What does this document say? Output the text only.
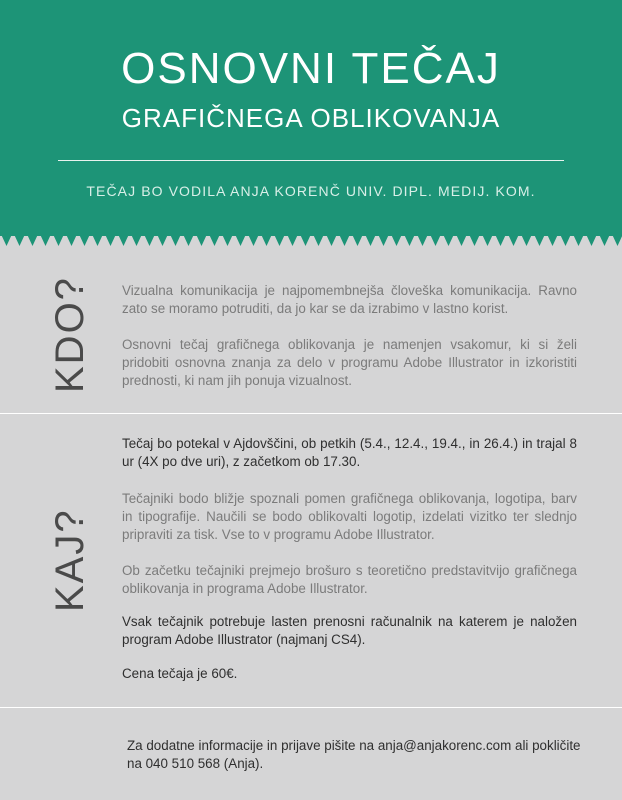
OSNOVNI TEČAJ
GRAFIČNEGA OBLIKOVANJA
TEČAJ BO VODILA ANJA KORENČ UNIV. DIPL. MEDIJ. KOM.
KDO? Vizualna komunikacija je najpomembnejša človeška komunikacija. Ravno zato se moramo potruditi, da jo kar se da izrabimo v lastno korist.

Osnovni tečaj grafičnega oblikovanja je namenjen vsakomur, ki si želi pridobiti osnovna znanja za delo v programu Adobe Illustrator in izkoristiti prednosti, ki nam jih ponuja vizualnost.

KAJ?

Tečaj bo potekal v Ajdovščini, ob petkih (5.4., 12.4., 19.4., in 26.4.) in trajal 8 ur (4X po dve uri), z začetkom ob 17.30.

Tečajniki bodo bližje spoznali pomen grafičnega oblikovanja, logotipa, barv in tipografije. Naučili se bodo oblikovalti logotip, izdelati vizitko ter slednjo pripraviti za tisk. Vse to v programu Adobe Illustrator.

Ob začetku tečajniki prejmejo brošuro s teoretično predstavitvijo grafičnega oblikovanja in programa Adobe Illustrator.

Vsak tečajnik potrebuje lasten prenosni računalnik na katerem je naložen program Adobe Illustrator (najmanj CS4).

Cena tečaja je 60€.

Za dodatne informacije in prijave pišite na anja@anjakorenc.com ali pokličite na 040 510 568 (Anja).
